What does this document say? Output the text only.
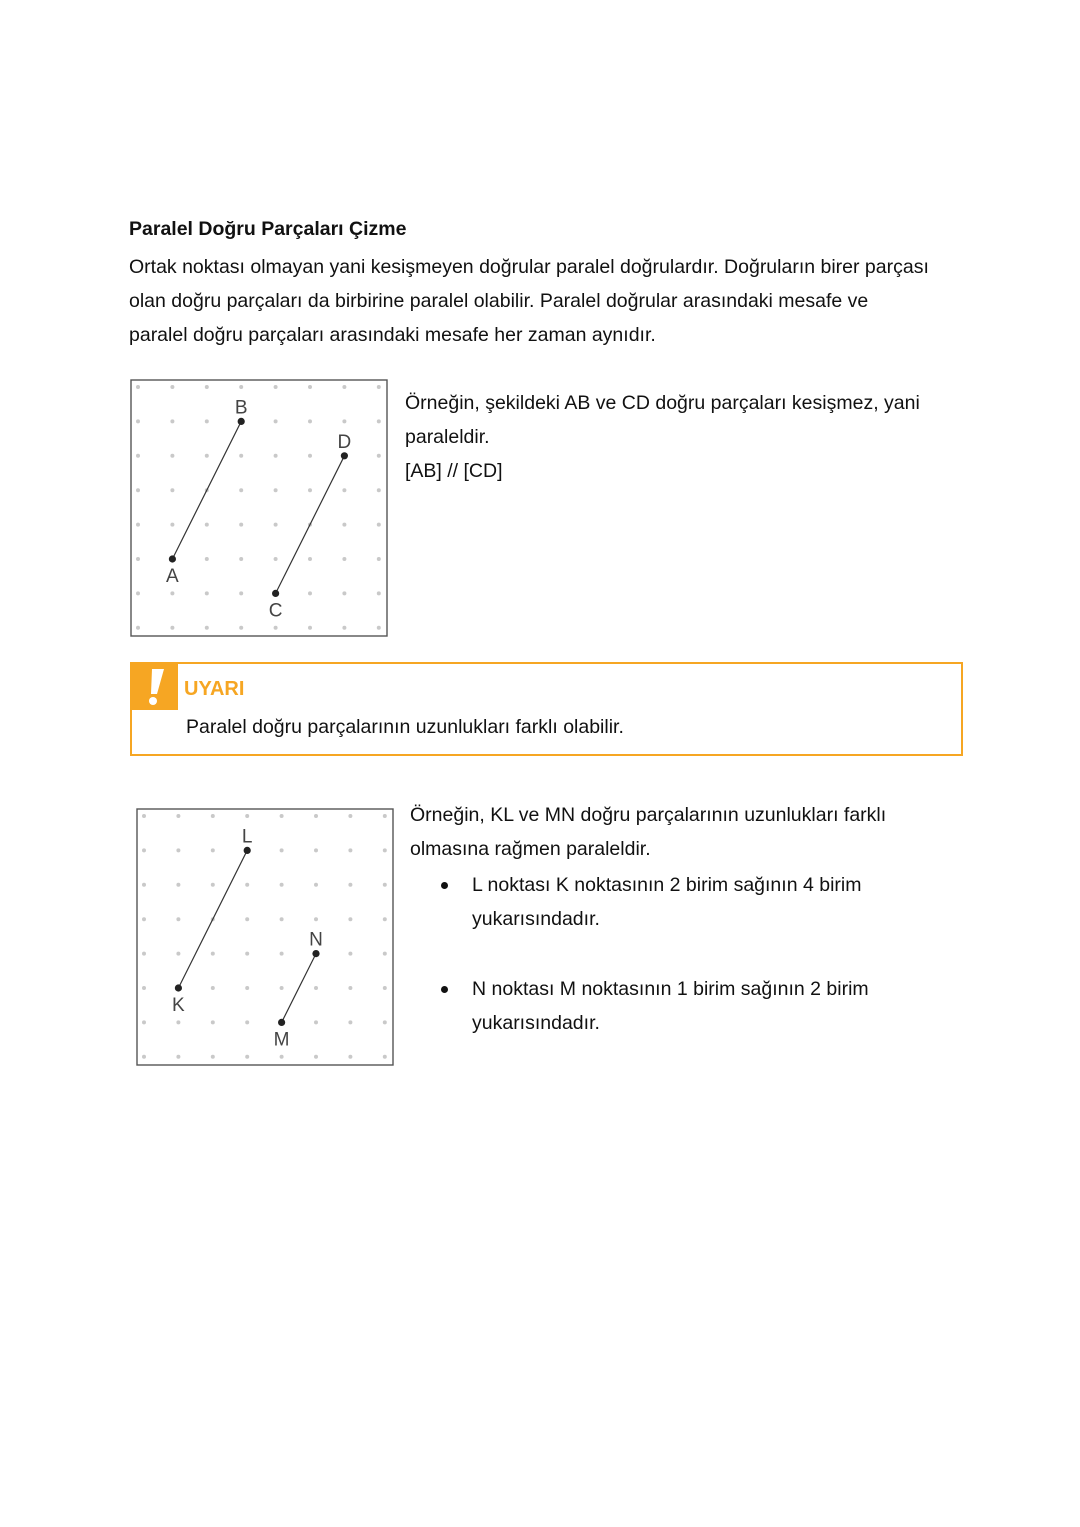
Paralel Doğru Parçaları Çizme

Ortak noktası olmayan yani kesişmeyen doğrular paralel doğrulardır. Doğruların birer parçası

olan doğru parçaları da birbirine paralel olabilir. Paralel doğrular arasındaki mesafe ve

paralel doğru parçaları arasındaki mesafe her zaman aynıdır.

A
B
C
D

Örneğin, şekildeki AB ve CD doğru parçaları kesişmez, yani

paraleldir.

[AB] // [CD]

UYARI
Paralel doğru parçalarının uzunlukları farklı olabilir.
K
L
M
N

Örneğin, KL ve MN doğru parçalarının uzunlukları farklı

olmasına rağmen paraleldir.

L noktası K noktasının 2 birim sağının 4 birim
yukarısındadır.
N noktası M noktasının 1 birim sağının 2 birim
yukarısındadır.
